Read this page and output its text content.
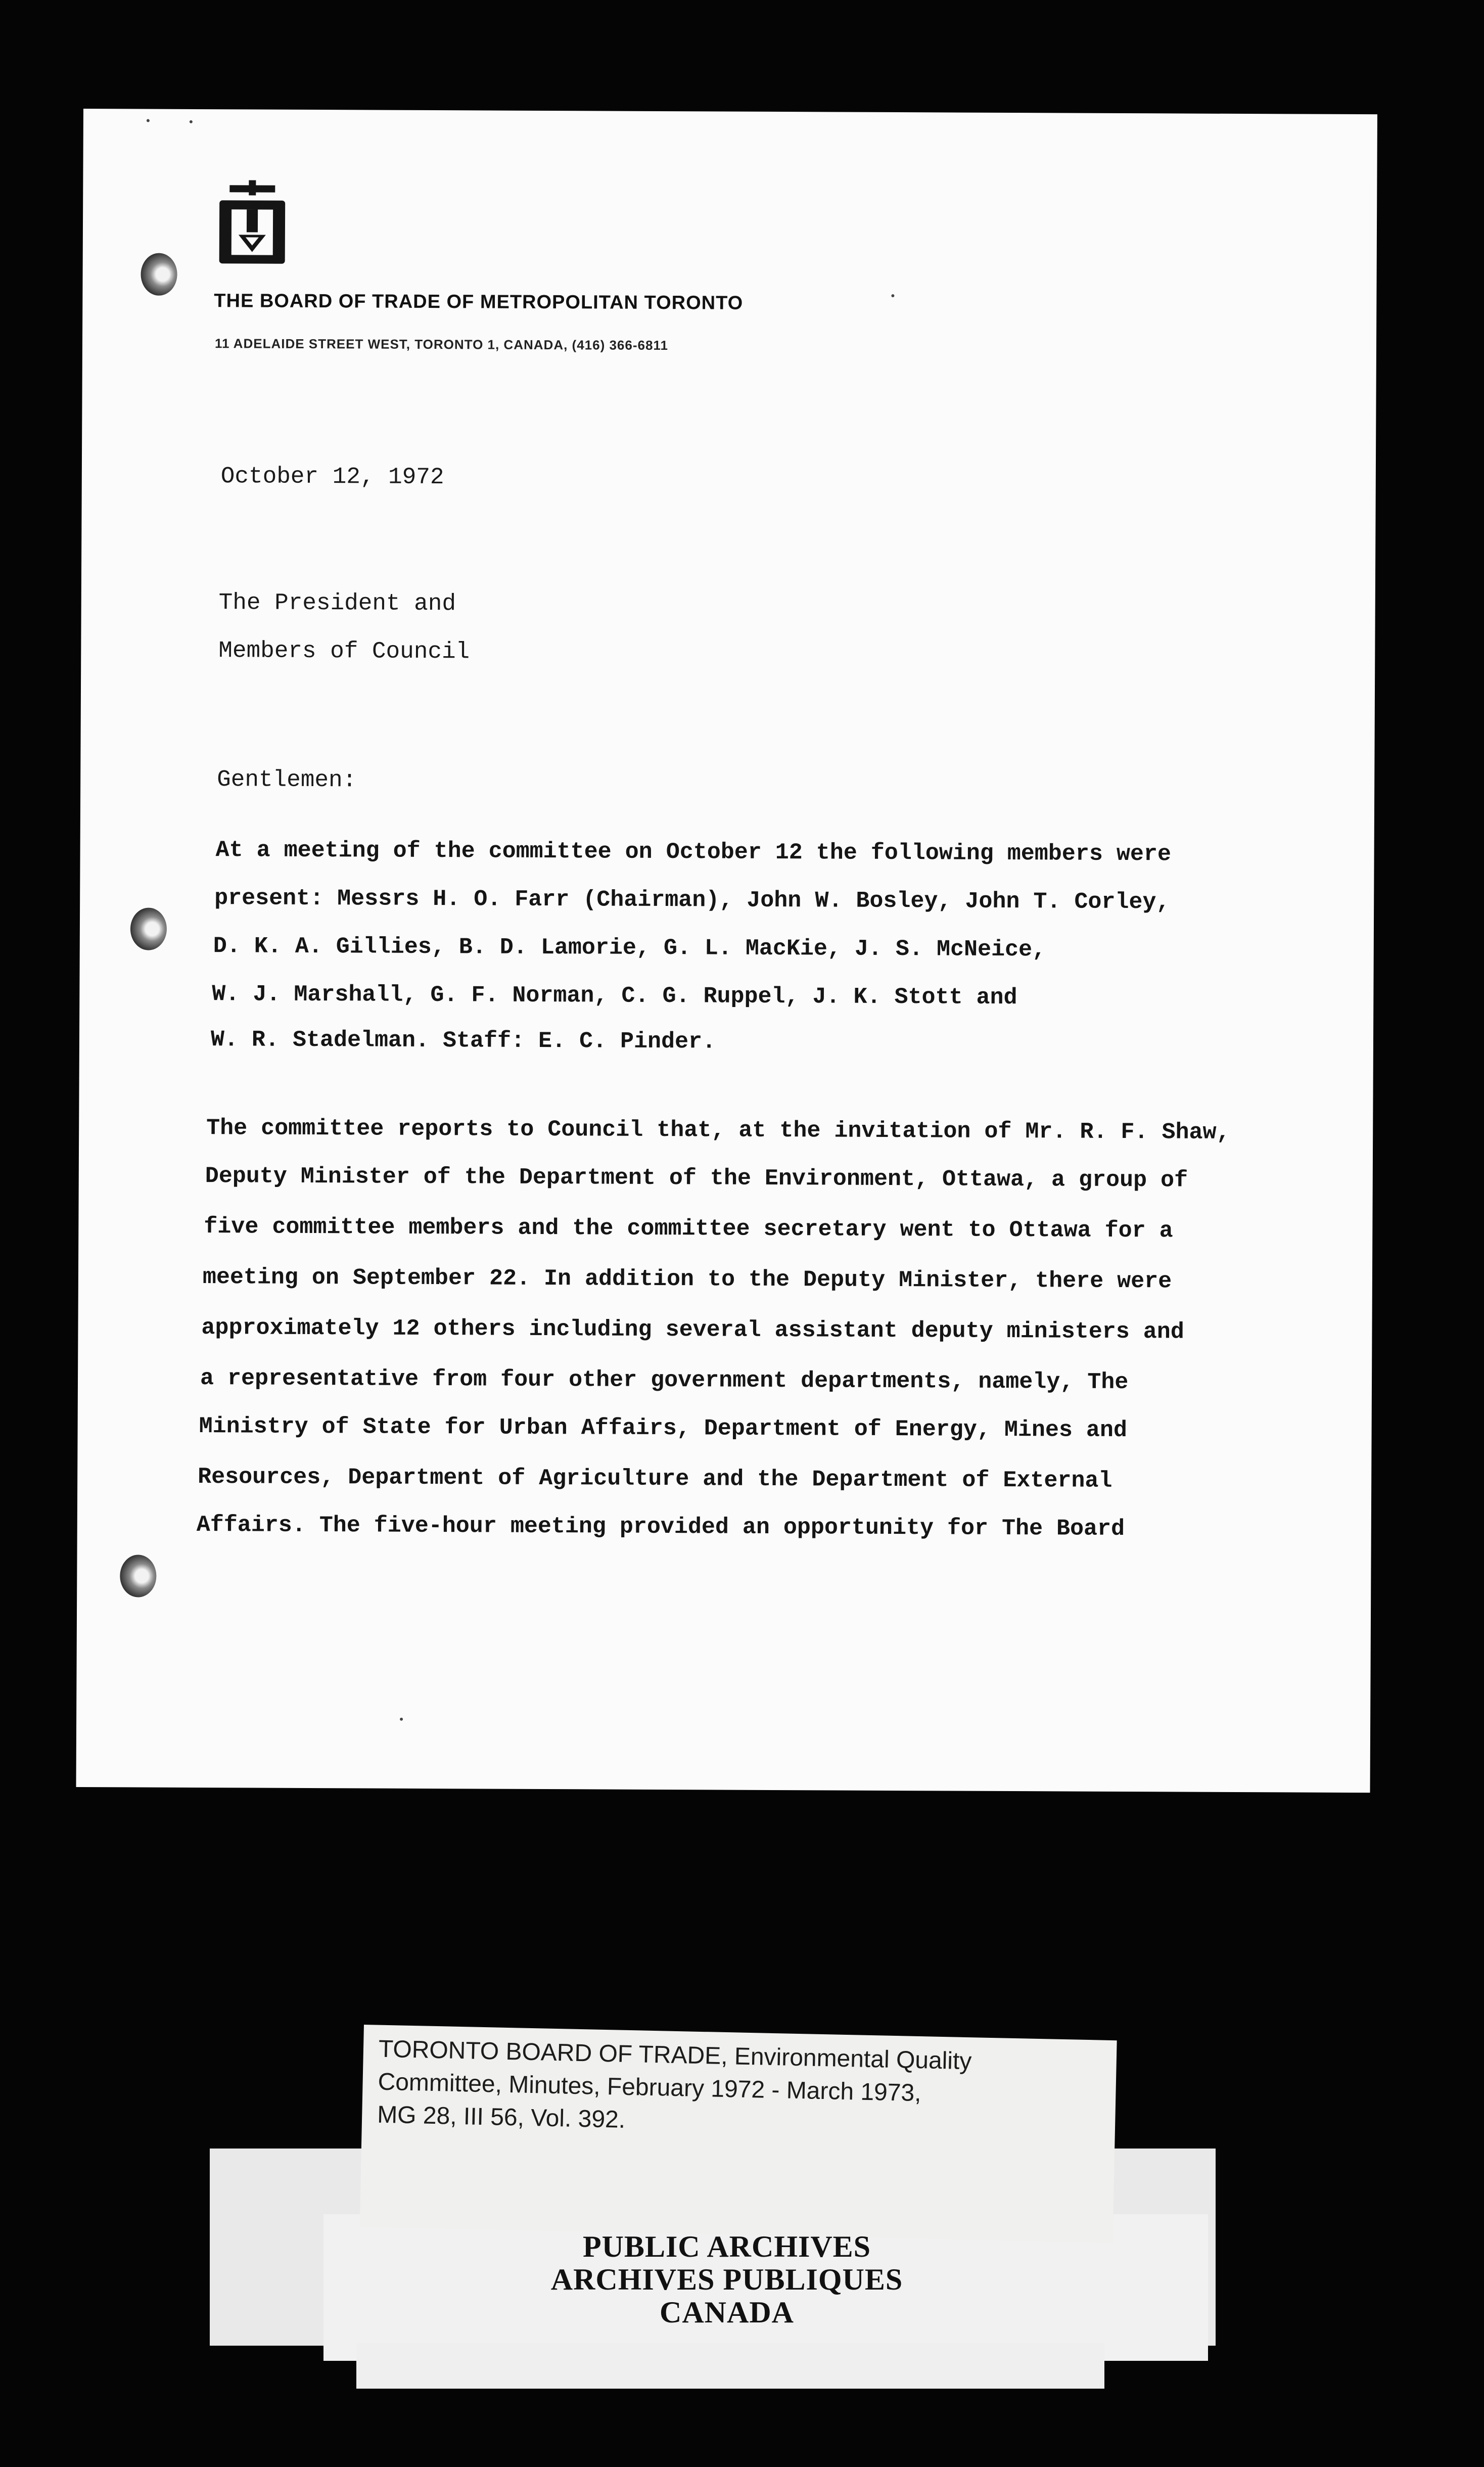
THE BOARD OF TRADE OF METROPOLITAN TORONTO
11 ADELAIDE STREET WEST, TORONTO 1, CANADA, (416) 366-6811
October 12, 1972
The President and
Members of Council
Gentlemen:
At a meeting of the committee on October 12 the following members were
present: Messrs H. O. Farr (Chairman), John W. Bosley, John T. Corley,
D. K. A. Gillies, B. D. Lamorie, G. L. MacKie, J. S. McNeice,
W. J. Marshall, G. F. Norman, C. G. Ruppel, J. K. Stott and
W. R. Stadelman. Staff: E. C. Pinder.
The committee reports to Council that, at the invitation of Mr. R. F. Shaw,
Deputy Minister of the Department of the Environment, Ottawa, a group of
five committee members and the committee secretary went to Ottawa for a
meeting on September 22. In addition to the Deputy Minister, there were
approximately 12 others including several assistant deputy ministers and
a representative from four other government departments, namely, The
Ministry of State for Urban Affairs, Department of Energy, Mines and
Resources, Department of Agriculture and the Department of External
Affairs. The five-hour meeting provided an opportunity for The Board
TORONTO BOARD OF TRADE, Environmental Quality
Committee, Minutes, February 1972 - March 1973,
MG 28, III 56, Vol. 392.
PUBLIC ARCHIVES
ARCHIVES PUBLIQUES
CANADA
